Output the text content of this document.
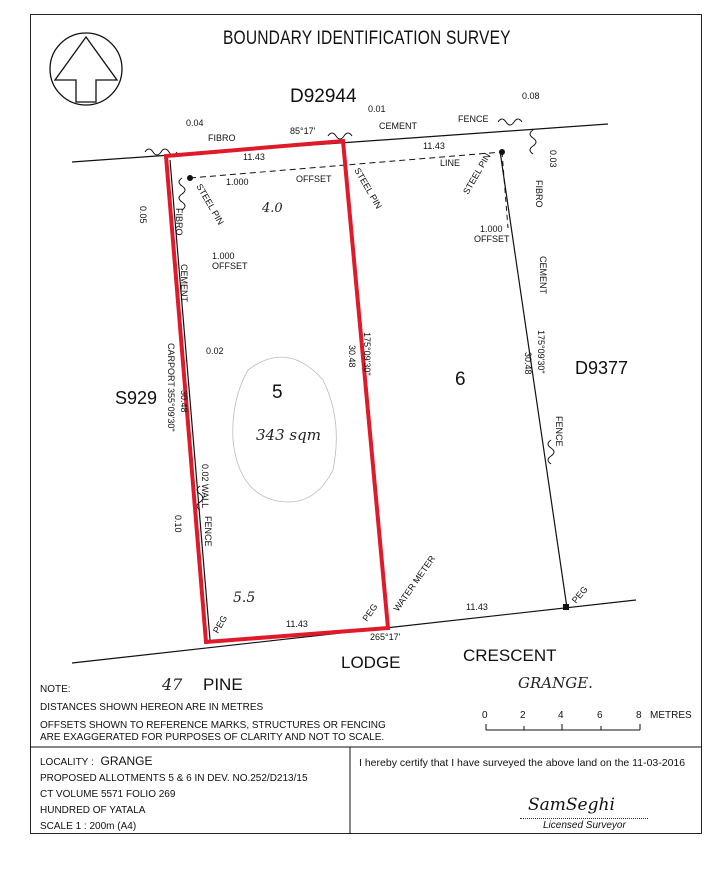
BOUNDARY IDENTIFICATION SURVEY
D92944
S929
D9377
5
6
FIBRO
CEMENT
FENCE
85°17'
265°17'
0.04
0.01
0.08
11.43
11.43
11.43
11.43
OFFSET
LINE
1.000
1.000
OFFSET
1.000
OFFSET
0.02
STEEL PIN	STEEL PIN	STEEL PIN
FIBRO
CEMENT
CARPORT
30.48
355°09'30"
0.02 WALL
FENCE
0.10
0.05
30.48 175°09'30"	30.48 175°09'30"
FIBRO
CEMENT
FENCE
0.03
PEG
PEG
PEG
WATER METER
4.0
343 sqm
5.5
47	GRANGE.
PINE
LODGE	CRESCENT
0	2	4	6	8 METRES
NOTE:
DISTANCES SHOWN HEREON ARE IN METRES
OFFSETS SHOWN TO REFERENCE MARKS, STRUCTURES OR FENCING
ARE EXAGGERATED FOR PURPOSES OF CLARITY AND NOT TO SCALE.
LOCALITY : GRANGE
PROPOSED ALLOTMENTS 5 & 6 IN DEV. NO.252/D213/15
CT VOLUME 5571 FOLIO 269
HUNDRED OF YATALA
SCALE 1 : 200m (A4)
I hereby certify that I have surveyed the above land on the 11-03-2016
SamSeghi
Licensed Surveyor
